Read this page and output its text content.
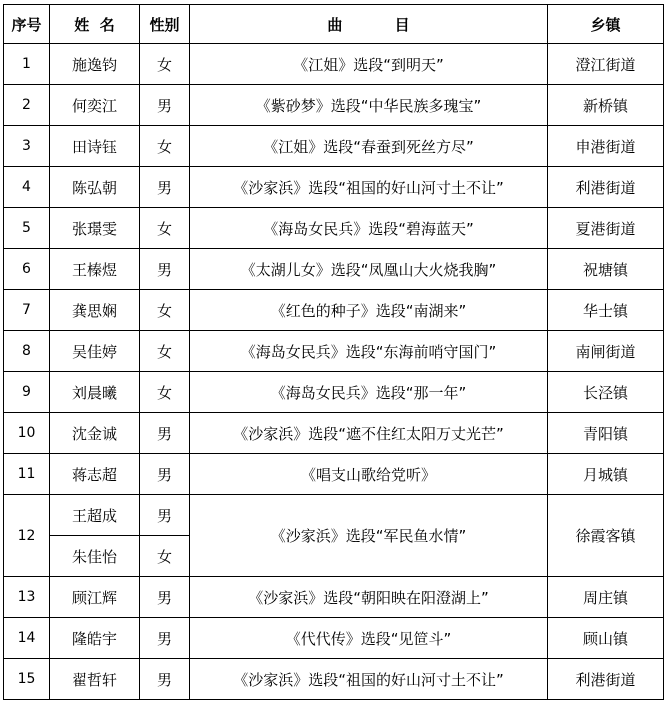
序号	姓  名	性别	曲          目	乡镇
1	施逸钧	女	《江姐》选段“到明天”	澄江街道
2	何奕江	男	《紫砂梦》选段“中华民族多瑰宝”	新桥镇
3	田诗钰	女	《江姐》选段“春蚕到死丝方尽”	申港街道
4	陈弘朝	男	《沙家浜》选段“祖国的好山河寸土不让”	利港街道
5	张璟雯	女	《海岛女民兵》选段“碧海蓝天”	夏港街道
6	王榛煜	男	《太湖儿女》选段“凤凰山大火烧我胸”	祝塘镇
7	龚思娴	女	《红色的种子》选段“南湖来”	华士镇
8	吴佳婷	女	《海岛女民兵》选段“东海前哨守国门”	南闸街道
9	刘晨曦	女	《海岛女民兵》选段“那一年”	长泾镇
10	沈金诚	男	《沙家浜》选段“遮不住红太阳万丈光芒”	青阳镇
11	蒋志超	男	《唱支山歌给党听》	月城镇
12	王超成	男	《沙家浜》选段“军民鱼水情”	徐霞客镇
	朱佳怡	女		
13	顾江辉	男	《沙家浜》选段“朝阳映在阳澄湖上”	周庄镇
14	隆皓宇	男	《代代传》选段“见笸斗”	顾山镇
15	翟哲轩	男	《沙家浜》选段“祖国的好山河寸土不让”	利港街道
